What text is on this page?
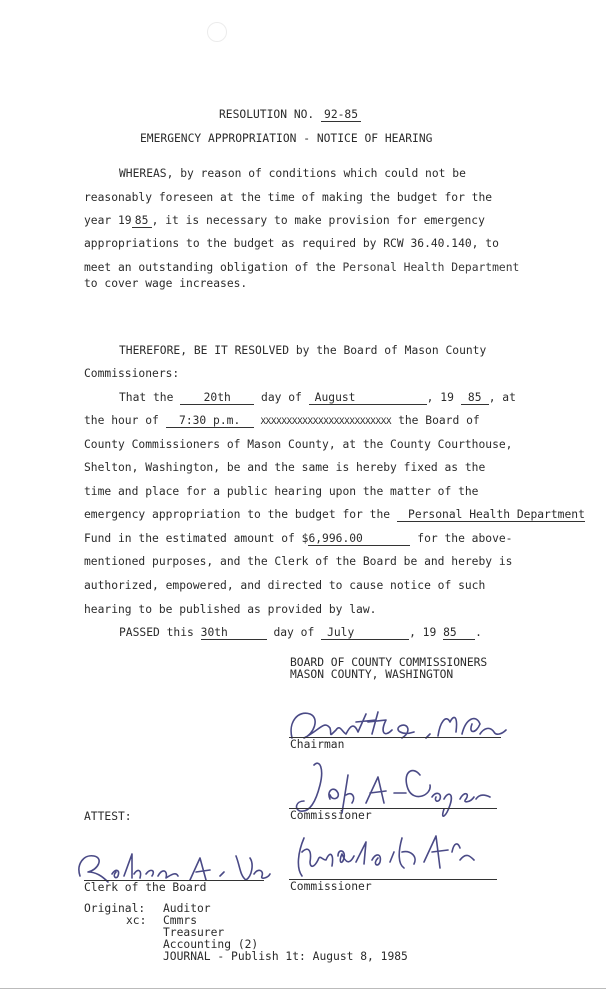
RESOLUTION NO. 92-85
EMERGENCY APPROPRIATION - NOTICE OF HEARING
WHEREAS, by reason of conditions which could not be
reasonably foreseen at the time of making the budget for the
year 19 85 , it is necessary to make provision for emergency
appropriations to the budget as required by RCW 36.40.140, to
meet an outstanding obligation of the Personal Health Department
to cover wage increases.
THEREFORE, BE IT RESOLVED by the Board of Mason County
Commissioners:
That the	20th	day of August	, 19 85 , at
the hour of 7:30 p.m. XXXXXXXXXXXXXXXXXXXXXXXXX the Board of
County Commissioners of Mason County, at the County Courthouse,
Shelton, Washington, be and the same is hereby fixed as the
time and place for a public hearing upon the matter of the
emergency appropriation to the budget for the Personal Health Department
Fund in the estimated amount of $6,996.00	for the above-
mentioned purposes, and the Clerk of the Board be and hereby is
authorized, empowered, and directed to cause notice of such
hearing to be published as provided by law.
PASSED this 30th	day of July	, 19 85 .
BOARD OF COUNTY COMMISSIONERS
MASON COUNTY, WASHINGTON
Chairman
Commissioner
ATTEST:
Commissioner
Clerk of the Board
Original: Auditor
xc: Cmmrs
Treasurer
Accounting (2)
JOURNAL - Publish 1t: August 8, 1985
